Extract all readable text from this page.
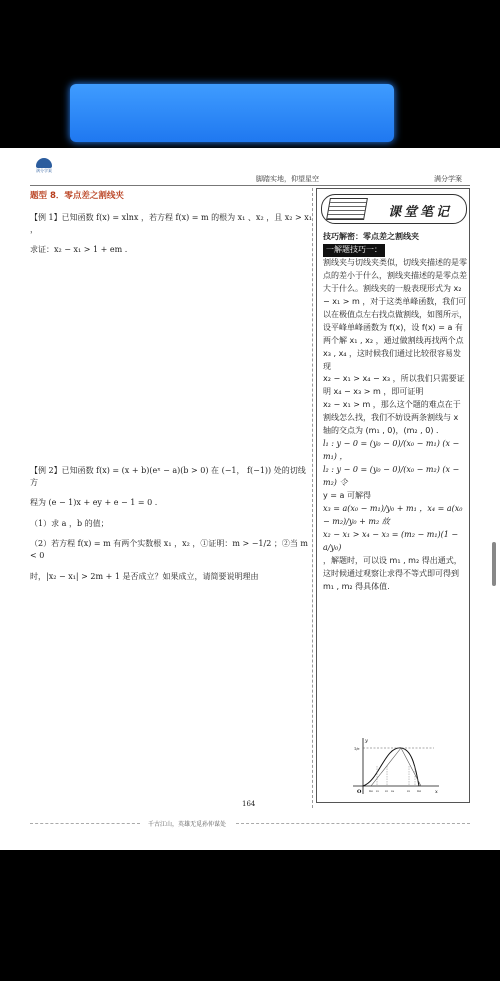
满分学案
脚踏实地，仰望星空	满分学案
题型 8．零点差之割线夹

【例 1】已知函数 f(x) = xlnx ，若方程 f(x) = m 的根为 x₁ 、x₂ ，且 x₂ > x₁ ，

求证：x₂ − x₁ > 1 + em .

【例 2】已知函数 f(x) = (x + b)(eˣ − a)(b > 0) 在 (−1， f(−1)) 处的切线方

程为 (e − 1)x + ey + e − 1 = 0 .

（1）求 a ，b 的值；

（2）若方程 f(x) = m 有两个实数根 x₁ ，x₂ ，①证明：m > −1/2 ；②当 m < 0

时，|x₂ − x₁| > 2m + 1 是否成立？如果成立，请简要说明理由

课堂笔记
技巧解密：零点差之割线夹
一解题技巧一：
割线夹与切线夹类似，切线夹描述的是零点的差小于什么，割线夹描述的是零点差大于什么。割线夹的一般表现形式为 x₂ − x₁ > m ，对于这类单峰函数，我们可以在极值点左右找点做割线，如图所示，设平峰单峰函数为 f(x)，设 f(x) = a 有两个解 x₁ , x₂ ，通过做割线再找两个点 x₃ , x₄ ，这时候我们通过比较很容易发现
x₂ − x₁ > x₄ − x₃ ，所以我们只需要证明 x₄ − x₃ > m ，即可证明
x₂ − x₁ > m ，那么这个题的难点在于割线怎么找，我们不妨设两条割线与 x 轴的交点为 (m₁ , 0)，(m₂ , 0) ．
l₁ : y − 0 = (y₀ − 0)/(x₀ − m₁) (x − m₁) ，
l₂ : y − 0 = (y₀ − 0)/(x₀ − m₂) (x − m₂) 令
y = a 可解得
x₃ = a(x₀ − m₁)/y₀ + m₁ ，x₄ = a(x₀ − m₂)/y₀ + m₂ 故
x₂ − x₁ > x₄ − x₃ = (m₂ − m₁)(1 − a/y₀)
，解题时，可以设 m₁ , m₂ 得出通式，这时候通过观察让求得不等式即可得到 m₁ , m₂ 得具体值.
y
x
O
1/e
m₁ x₁ x₃ x₄	x₂ m₂
164
千古江山，英雄无觅孙仲谋处
